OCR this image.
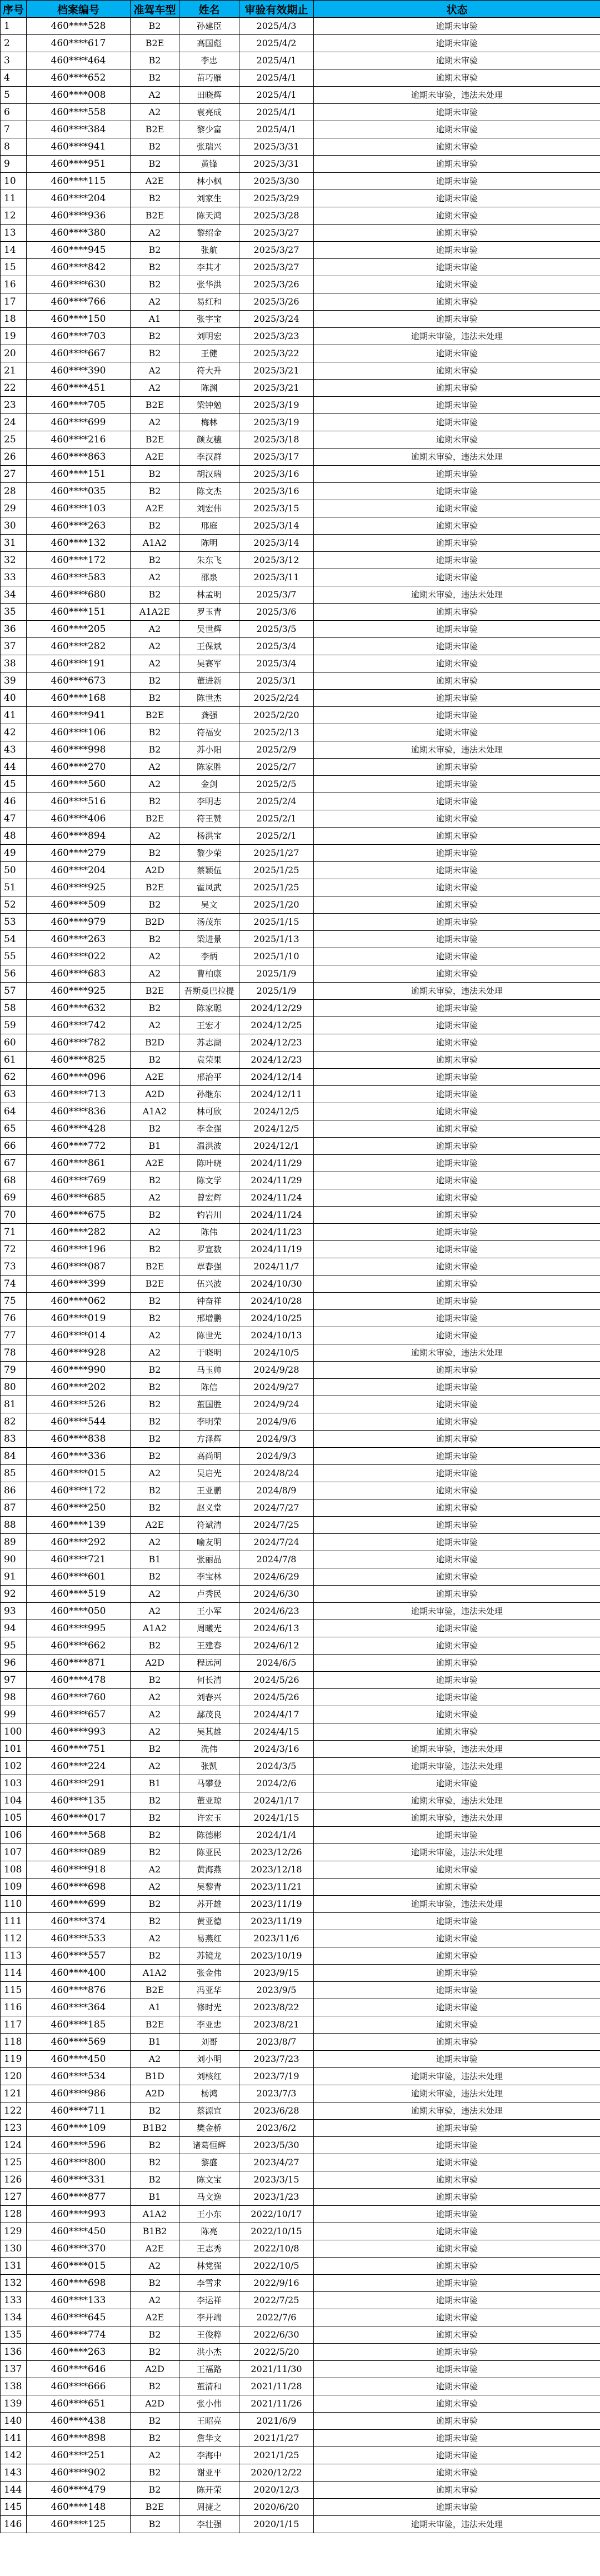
序号	档案编号	准驾车型	姓名	审验有效期止	状态
1	460****528	B2	孙建臣	2025/4/3	逾期未审验
2	460****617	B2E	高国彪	2025/4/2	逾期未审验
3	460****464	B2	李忠	2025/4/1	逾期未审验
4	460****652	B2	苗巧雁	2025/4/1	逾期未审验
5	460****008	A2	田晓辉	2025/4/1	逾期未审验，违法未处理
6	460****558	A2	袁亮成	2025/4/1	逾期未审验
7	460****384	B2E	黎少富	2025/4/1	逾期未审验
8	460****941	B2	张瑞兴	2025/3/31	逾期未审验
9	460****951	B2	黄锋	2025/3/31	逾期未审验
10	460****115	A2E	林小枫	2025/3/30	逾期未审验
11	460****204	B2	刘家生	2025/3/29	逾期未审验
12	460****936	B2E	陈天鸿	2025/3/28	逾期未审验
13	460****380	A2	黎绍金	2025/3/27	逾期未审验
14	460****945	B2	张航	2025/3/27	逾期未审验
15	460****842	B2	李其才	2025/3/27	逾期未审验
16	460****630	B2	张华洪	2025/3/26	逾期未审验
17	460****766	A2	易红和	2025/3/26	逾期未审验
18	460****150	A1	张宇宝	2025/3/24	逾期未审验
19	460****703	B2	刘明宏	2025/3/23	逾期未审验，违法未处理
20	460****667	B2	王健	2025/3/22	逾期未审验
21	460****390	A2	符大升	2025/3/21	逾期未审验
22	460****451	A2	陈渊	2025/3/21	逾期未审验
23	460****705	B2E	梁钟勉	2025/3/19	逾期未审验
24	460****699	A2	梅林	2025/3/19	逾期未审验
25	460****216	B2E	颜友穗	2025/3/18	逾期未审验
26	460****863	A2E	李汉群	2025/3/17	逾期未审验，违法未处理
27	460****151	B2	胡汉瑞	2025/3/16	逾期未审验
28	460****035	B2	陈文杰	2025/3/16	逾期未审验
29	460****103	A2E	刘宏伟	2025/3/15	逾期未审验
30	460****263	B2	邢庭	2025/3/14	逾期未审验
31	460****132	A1A2	陈明	2025/3/14	逾期未审验
32	460****172	B2	朱东飞	2025/3/12	逾期未审验
33	460****583	A2	邵泉	2025/3/11	逾期未审验
34	460****680	B2	林孟明	2025/3/7	逾期未审验，违法未处理
35	460****151	A1A2E	罗玉青	2025/3/6	逾期未审验
36	460****205	A2	吴世辉	2025/3/5	逾期未审验
37	460****282	A2	王保斌	2025/3/4	逾期未审验
38	460****191	A2	吴赛军	2025/3/4	逾期未审验
39	460****673	B2	董进新	2025/3/1	逾期未审验
40	460****168	B2	陈世杰	2025/2/24	逾期未审验
41	460****941	B2E	龚强	2025/2/20	逾期未审验
42	460****106	B2	符福安	2025/2/13	逾期未审验
43	460****998	B2	苏小阳	2025/2/9	逾期未审验，违法未处理
44	460****270	A2	陈家胜	2025/2/7	逾期未审验
45	460****560	A2	金剑	2025/2/5	逾期未审验
46	460****516	B2	李明志	2025/2/4	逾期未审验
47	460****406	B2E	符王赞	2025/2/1	逾期未审验
48	460****894	A2	杨洪宝	2025/2/1	逾期未审验
49	460****279	B2	黎少荣	2025/1/27	逾期未审验
50	460****204	A2D	蔡颖伍	2025/1/25	逾期未审验
51	460****925	B2E	霍凤武	2025/1/25	逾期未审验
52	460****509	B2	吴文	2025/1/20	逾期未审验
53	460****979	B2D	汤茂东	2025/1/15	逾期未审验
54	460****263	B2	梁进景	2025/1/13	逾期未审验
55	460****022	A2	李炳	2025/1/10	逾期未审验
56	460****683	A2	曹柏康	2025/1/9	逾期未审验
57	460****925	B2E	吾斯曼巴拉提	2025/1/9	逾期未审验，违法未处理
58	460****632	B2	陈家聪	2024/12/29	逾期未审验
59	460****742	A2	王宏才	2024/12/25	逾期未审验
60	460****782	B2D	苏志湖	2024/12/23	逾期未审验
61	460****825	B2	袁荣果	2024/12/23	逾期未审验
62	460****096	A2E	邢治平	2024/12/14	逾期未审验
63	460****713	A2D	孙继东	2024/12/11	逾期未审验
64	460****836	A1A2	林可欣	2024/12/5	逾期未审验
65	460****428	B2	李金强	2024/12/5	逾期未审验
66	460****772	B1	温洪波	2024/12/1	逾期未审验
67	460****861	A2E	陈叶晓	2024/11/29	逾期未审验
68	460****769	B2	陈文学	2024/11/29	逾期未审验
69	460****685	A2	曾宏辉	2024/11/24	逾期未审验
70	460****675	B2	钓岩川	2024/11/24	逾期未审验
71	460****282	A2	陈伟	2024/11/23	逾期未审验
72	460****196	B2	罗宣数	2024/11/19	逾期未审验
73	460****087	B2E	覃春强	2024/11/7	逾期未审验
74	460****399	B2E	伍兴波	2024/10/30	逾期未审验
75	460****062	B2	钟奋祥	2024/10/28	逾期未审验
76	460****019	B2	邢增鹏	2024/10/25	逾期未审验
77	460****014	A2	陈世光	2024/10/13	逾期未审验
78	460****928	A2	于晓明	2024/10/5	逾期未审验，违法未处理
79	460****990	B2	马玉帅	2024/9/28	逾期未审验
80	460****202	B2	陈信	2024/9/27	逾期未审验
81	460****526	B2	董国胜	2024/9/24	逾期未审验
82	460****544	B2	李明荣	2024/9/6	逾期未审验
83	460****838	B2	方泽辉	2024/9/3	逾期未审验
84	460****336	B2	高尚明	2024/9/3	逾期未审验
85	460****015	A2	吴启光	2024/8/24	逾期未审验
86	460****172	B2	王亚鹏	2024/8/9	逾期未审验
87	460****250	B2	赵义堂	2024/7/27	逾期未审验
88	460****139	A2E	符斌清	2024/7/25	逾期未审验
89	460****292	A2	喻友明	2024/7/24	逾期未审验
90	460****721	B1	张丽晶	2024/7/8	逾期未审验
91	460****601	B2	李宝林	2024/6/29	逾期未审验
92	460****519	A2	卢秀民	2024/6/30	逾期未审验
93	460****050	A2	王小军	2024/6/23	逾期未审验，违法未处理
94	460****995	A1A2	周曦光	2024/6/13	逾期未审验
95	460****662	B2	王建春	2024/6/12	逾期未审验
96	460****871	A2D	程远河	2024/6/5	逾期未审验
97	460****478	B2	何长清	2024/5/26	逾期未审验
98	460****760	A2	刘春兴	2024/5/26	逾期未审验
99	460****657	A2	鄢茂良	2024/4/17	逾期未审验
100	460****993	A2	吴其雄	2024/4/15	逾期未审验
101	460****751	B2	洗伟	2024/3/16	逾期未审验，违法未处理
102	460****224	A2	张凯	2024/3/5	逾期未审验，违法未处理
103	460****291	B1	马攀登	2024/2/6	逾期未审验
104	460****135	B2	董亚琼	2024/1/17	逾期未审验，违法未处理
105	460****017	B2	许宏玉	2024/1/15	逾期未审验，违法未处理
106	460****568	B2	陈德彬	2024/1/4	逾期未审验
107	460****089	B2	陈亚民	2023/12/26	逾期未审验，违法未处理
108	460****918	A2	黄海燕	2023/12/18	逾期未审验
109	460****698	A2	吴黎青	2023/11/21	逾期未审验
110	460****699	B2	苏开雄	2023/11/19	逾期未审验，违法未处理
111	460****374	B2	黄亚德	2023/11/19	逾期未审验
112	460****533	A2	易燕红	2023/11/6	逾期未审验
113	460****557	B2	苏镜龙	2023/10/19	逾期未审验
114	460****400	A1A2	张金伟	2023/9/15	逾期未审验
115	460****876	B2E	冯亚华	2023/9/5	逾期未审验
116	460****364	A1	修时光	2023/8/22	逾期未审验
117	460****185	B2E	李亚忠	2023/8/21	逾期未审验
118	460****569	B1	刘哥	2023/8/7	逾期未审验
119	460****450	A2	刘小明	2023/7/23	逾期未审验
120	460****534	B1D	刘核红	2023/7/19	逾期未审验，违法未处理
121	460****986	A2D	杨鸿	2023/7/3	逾期未审验，违法未处理
122	460****711	B2	蔡源宜	2023/6/28	逾期未审验，违法未处理
123	460****109	B1B2	樊金桥	2023/6/2	逾期未审验
124	460****596	B2	诸葛恒辉	2023/5/30	逾期未审验
125	460****800	B2	黎盛	2023/4/27	逾期未审验
126	460****331	B2	陈文宝	2023/3/15	逾期未审验
127	460****877	B1	马文逸	2023/1/23	逾期未审验
128	460****993	A1A2	王小东	2022/10/17	逾期未审验
129	460****450	B1B2	陈亮	2022/10/15	逾期未审验
130	460****370	A2E	王志秀	2022/10/8	逾期未审验
131	460****015	A2	林党强	2022/10/5	逾期未审验
132	460****698	B2	李雪求	2022/9/16	逾期未审验
133	460****133	A2	李运祥	2022/7/25	逾期未审验
134	460****645	A2E	李开端	2022/7/6	逾期未审验
135	460****774	B2	王俊粹	2022/6/30	逾期未审验
136	460****263	B2	洪小杰	2022/5/20	逾期未审验
137	460****646	A2D	王福路	2021/11/30	逾期未审验
138	460****666	B2	董清和	2021/11/28	逾期未审验
139	460****651	A2D	张小伟	2021/11/26	逾期未审验
140	460****438	B2	王昭亮	2021/6/9	逾期未审验
141	460****898	B2	詹华文	2021/1/27	逾期未审验
142	460****251	A2	李海中	2021/1/25	逾期未审验
143	460****902	B2	谢亚平	2020/12/22	逾期未审验
144	460****479	B2	陈开荣	2020/12/3	逾期未审验
145	460****148	B2E	周捷之	2020/6/20	逾期未审验
146	460****125	B2	李壮强	2020/1/15	逾期未审验，违法未处理
